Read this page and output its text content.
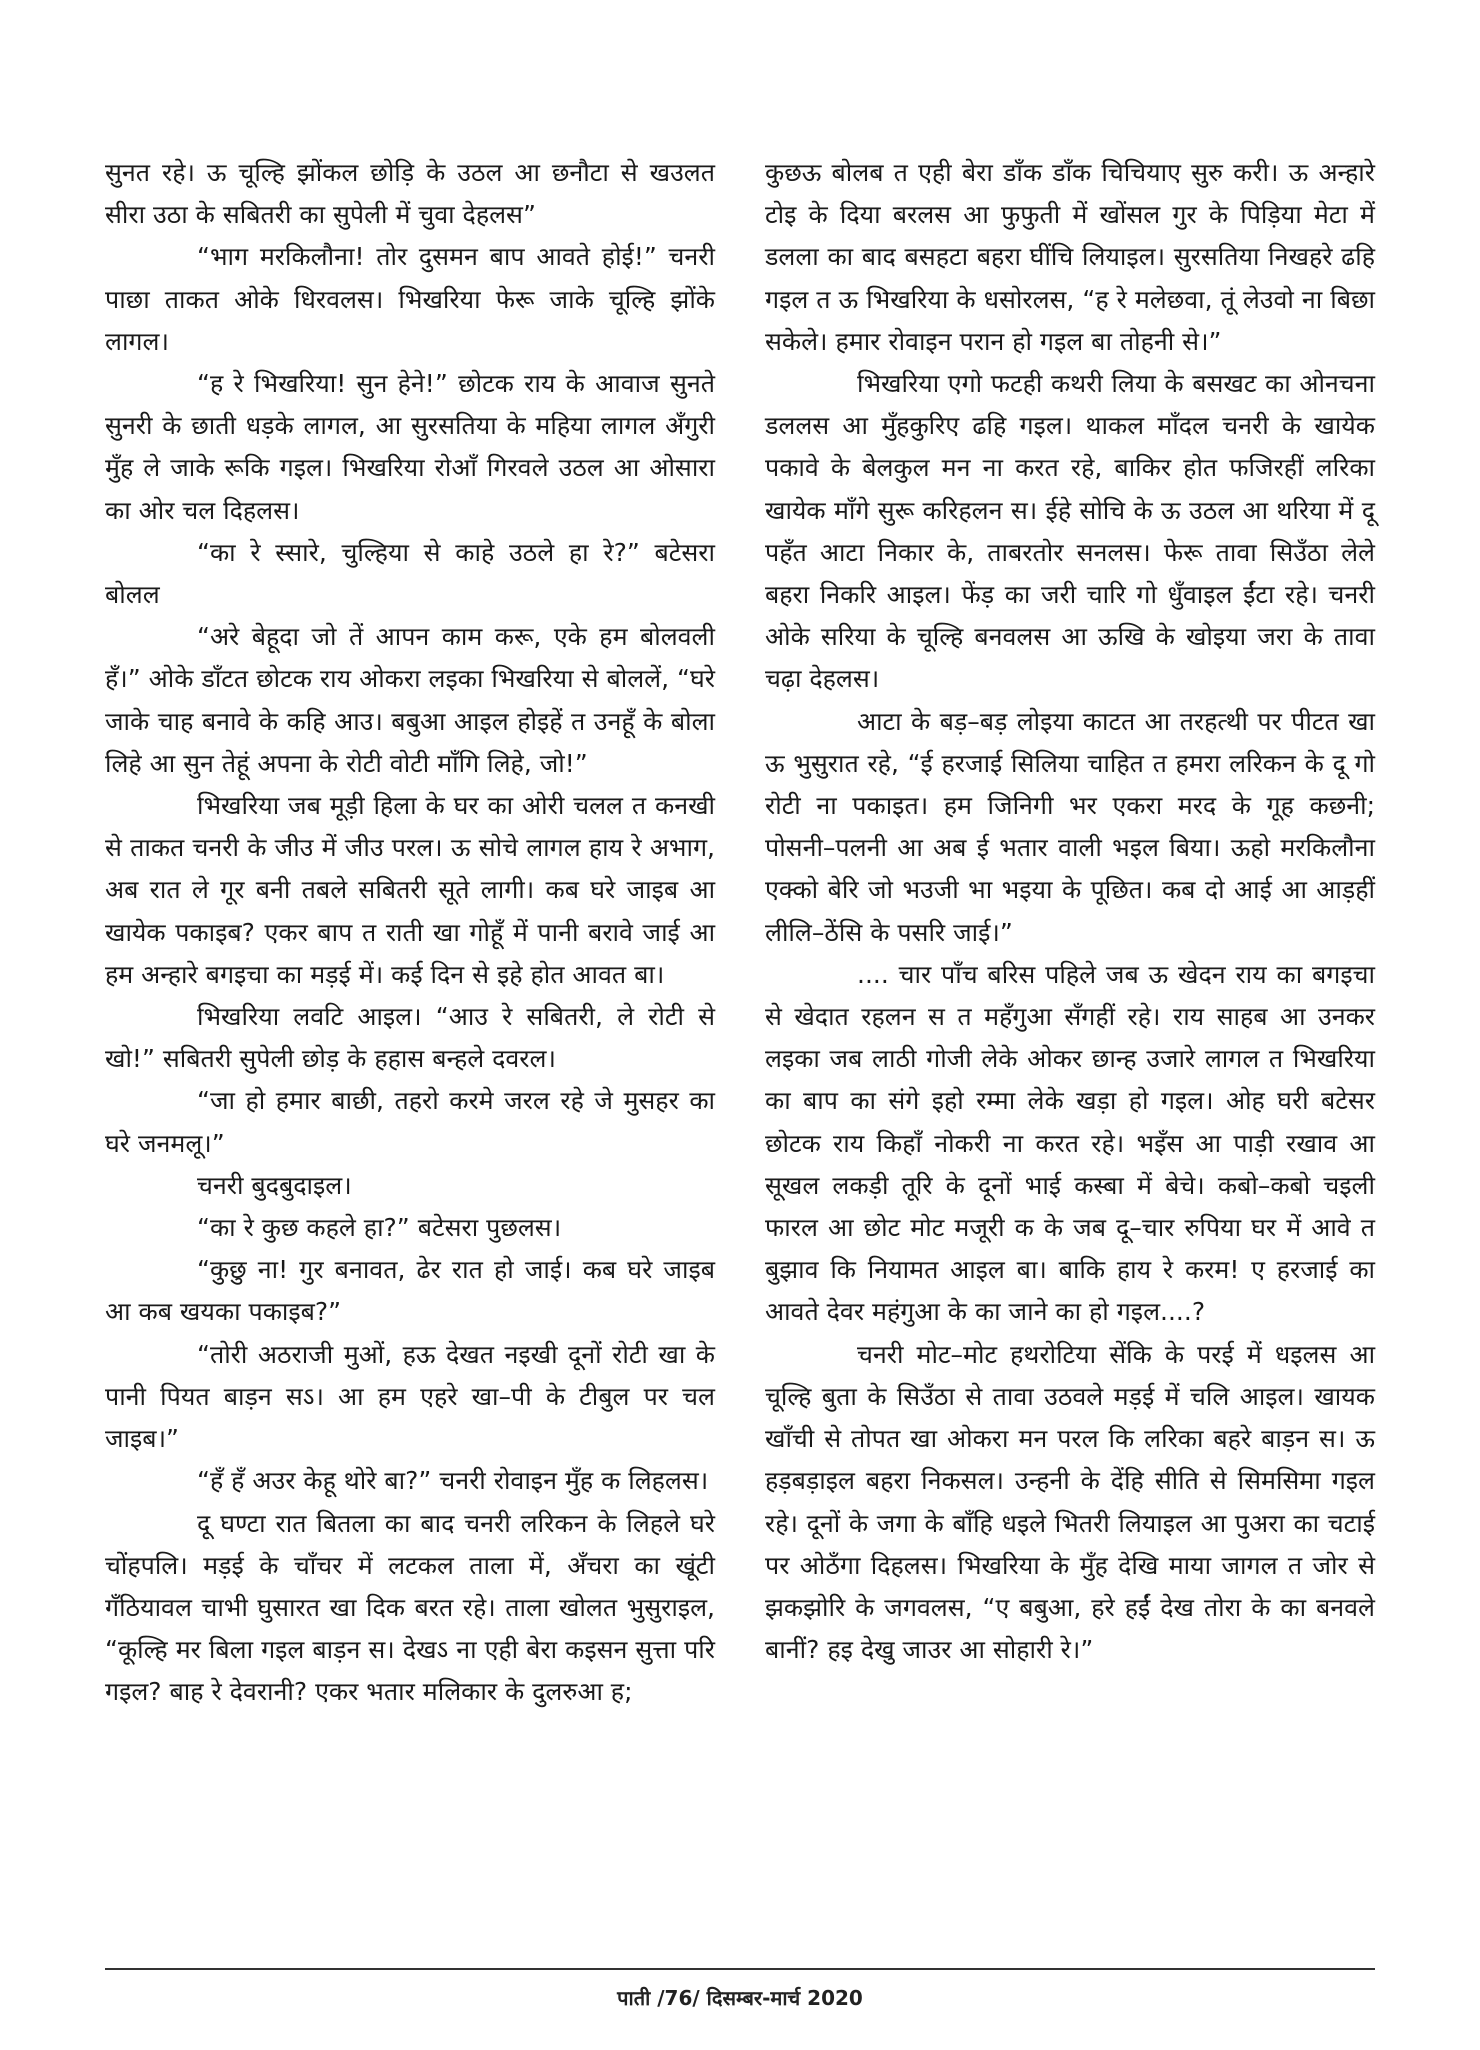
सुनत रहे। ऊ चूल्हि झोंकल छोड़ि के उठल आ छनौटा से खउलत सीरा उठा के सबितरी का सुपेली में चुवा देहलस”

“भाग मरकिलौना! तोर दुसमन बाप आवते होई!” चनरी पाछा ताकत ओके धिरवलस। भिखरिया फेरू जाके चूल्हि झोंके लागल।

“ह रे भिखरिया! सुन हेने!” छोटक राय के आवाज सुनते सुनरी के छाती धड़के लागल, आ सुरसतिया के महिया लागल अँगुरी मुँह ले जाके रूकि गइल। भिखरिया रोआँ गिरवले उठल आ ओसारा का ओर चल दिहलस।

“का रे स्सारे, चुल्हिया से काहे उठले हा रे?” बटेसरा बोलल

“अरे बेहूदा जो तें आपन काम करू, एके हम बोलवली हँ।” ओके डाँटत छोटक राय ओकरा लइका भिखरिया से बोललें, “घरे जाके चाह बनावे के कहि आउ। बबुआ आइल होइहें त उनहूँ के बोला लिहे आ सुन तेहूं अपना के रोटी वोटी माँगि लिहे, जो!”

भिखरिया जब मूड़ी हिला के घर का ओरी चलल त कनखी से ताकत चनरी के जीउ में जीउ परल। ऊ सोचे लागल हाय रे अभाग, अब रात ले गूर बनी तबले सबितरी सूते लागी। कब घरे जाइब आ खायेक पकाइब? एकर बाप त राती खा गोहूँ में पानी बरावे जाई आ हम अन्हारे बगइचा का मड़ई में। कई दिन से इहे होत आवत बा।

भिखरिया लवटि आइल। “आउ रे सबितरी, ले रोटी से खो!” सबितरी सुपेली छोड़ के हहास बन्हले दवरल।

“जा हो हमार बाछी, तहरो करमे जरल रहे जे मुसहर का घरे जनमलू।”

चनरी बुदबुदाइल।

“का रे कुछ कहले हा?” बटेसरा पुछलस।

“कुछु ना! गुर बनावत, ढेर रात हो जाई। कब घरे जाइब आ कब खयका पकाइब?”

“तोरी अठराजी मुओं, हऊ देखत नइखी दूनों रोटी खा के पानी पियत बाड़न सऽ। आ हम एहरे खा–पी के टीबुल पर चल जाइब।”

“हँ हँ अउर केहू थोरे बा?” चनरी रोवाइन मुँह क लिहलस।

दू घण्टा रात बितला का बाद चनरी लरिकन के लिहले घरे चोंहपलि। मड़ई के चाँचर में लटकल ताला में, अँचरा का खूंटी गँठियावल चाभी घुसारत खा दिक बरत रहे। ताला खोलत भुसुराइल, “कूल्हि मर बिला गइल बाड़न स। देखऽ ना एही बेरा कइसन सुत्ता परि गइल? बाह रे देवरानी? एकर भतार मलिकार के दुलरुआ ह;

कुछऊ बोलब त एही बेरा डाँक डाँक चिचियाए सुरु करी। ऊ अन्हारे टोइ के दिया बरलस आ फुफुती में खोंसल गुर के पिड़िया मेटा में डलला का बाद बसहटा बहरा घींचि लियाइल। सुरसतिया निखहरे ढहि गइल त ऊ भिखरिया के धसोरलस, “ह रे मलेछवा, तूं लेउवो ना बिछा सकेले। हमार रोवाइन परान हो गइल बा तोहनी से।”

भिखरिया एगो फटही कथरी लिया के बसखट का ओनचना डललस आ मुँहकुरिए ढहि गइल। थाकल माँदल चनरी के खायेक पकावे के बेलकुल मन ना करत रहे, बाकिर होत फजिरहीं लरिका खायेक माँगे सुरू करिहलन स। ईहे सोचि के ऊ उठल आ थरिया में दू पहँत आटा निकार के, ताबरतोर सनलस। फेरू तावा सिउँठा लेले बहरा निकरि आइल। फेंड़ का जरी चारि गो धुँवाइल ईंटा रहे। चनरी ओके सरिया के चूल्हि बनवलस आ ऊखि के खोइया जरा के तावा चढ़ा देहलस।

आटा के बड़–बड़ लोइया काटत आ तरहत्थी पर पीटत खा ऊ भुसुरात रहे, “ई हरजाई सिलिया चाहित त हमरा लरिकन के दू गो रोटी ना पकाइत। हम जिनिगी भर एकरा मरद के गूह कछनी; पोसनी–पलनी आ अब ई भतार वाली भइल बिया। ऊहो मरकिलौना एक्को बेरि जो भउजी भा भइया के पूछित। कब दो आई आ आड़हीं लीलि–ठेंसि के पसरि जाई।”

.... चार पाँच बरिस पहिले जब ऊ खेदन राय का बगइचा से खेदात रहलन स त महँगुआ सँगहीं रहे। राय साहब आ उनकर लइका जब लाठी गोजी लेके ओकर छान्ह उजारे लागल त भिखरिया का बाप का संगे इहो रम्मा लेके खड़ा हो गइल। ओह घरी बटेसर छोटक राय किहाँ नोकरी ना करत रहे। भइँस आ पाड़ी रखाव आ सूखल लकड़ी तूरि के दूनों भाई कस्बा में बेचे। कबो–कबो चइली फारल आ छोट मोट मजूरी क के जब दू–चार रुपिया घर में आवे त बुझाव कि नियामत आइल बा। बाकि हाय रे करम! ए हरजाई का आवते देवर महंगुआ के का जाने का हो गइल....?

चनरी मोट–मोट हथरोटिया सेंकि के परई में धइलस आ चूल्हि बुता के सिउँठा से तावा उठवले मड़ई में चलि आइल। खायक खाँची से तोपत खा ओकरा मन परल कि लरिका बहरे बाड़न स। ऊ हड़बड़ाइल बहरा निकसल। उन्हनी के देंहि सीति से सिमसिमा गइल रहे। दूनों के जगा के बाँहि धइले भितरी लियाइल आ पुअरा का चटाई पर ओठँगा दिहलस। भिखरिया के मुँह देखि माया जागल त जोर से झकझोरि के जगवलस, “ए बबुआ, हरे हईं देख तोरा के का बनवले बानीं? हइ देखु जाउर आ सोहारी रे।”

पाती /76/ दिसम्बर-मार्च 2020
